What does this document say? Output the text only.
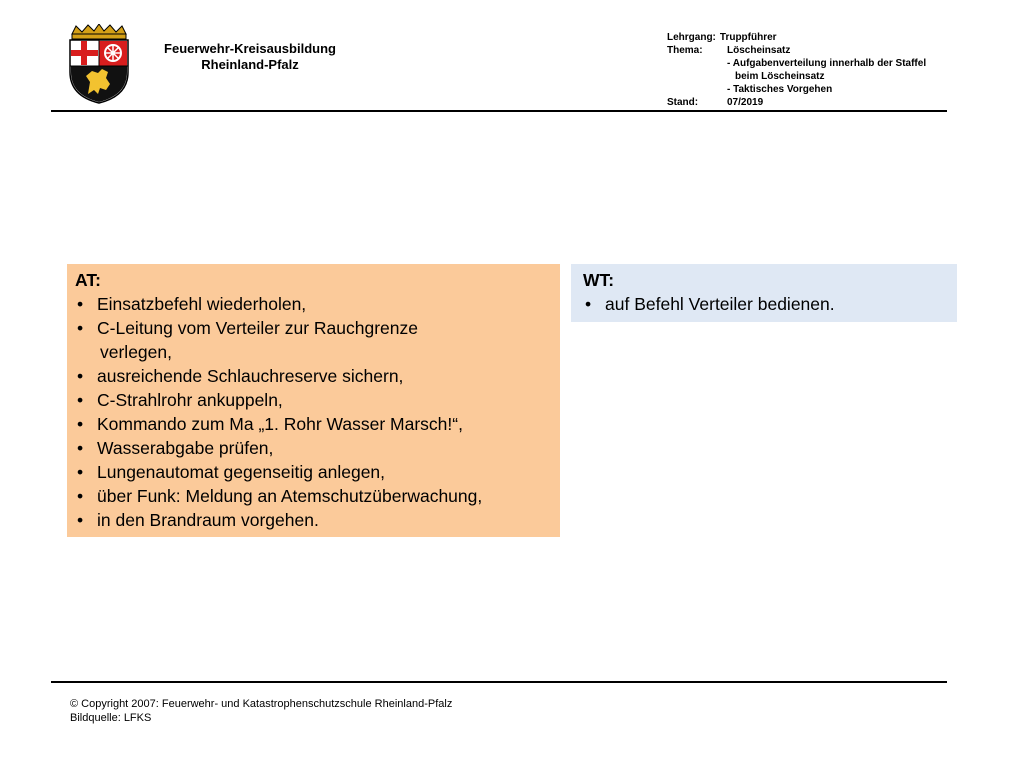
Feuerwehr-Kreisausbildung
Rheinland-Pfalz
Lehrgang: Truppführer
Thema:	Löscheinsatz
- Aufgabenverteilung innerhalb der Staffel
beim Löscheinsatz
- Taktisches Vorgehen
Stand:	07/2019
AT:
• Einsatzbefehl wiederholen,
• C-Leitung vom Verteiler zur Rauchgrenze
verlegen,
• ausreichende Schlauchreserve sichern,
• C-Strahlrohr ankuppeln,
• Kommando zum Ma „1. Rohr Wasser Marsch!“,
• Wasserabgabe prüfen,
• Lungenautomat gegenseitig anlegen,
• über Funk: Meldung an Atemschutzüberwachung,
• in den Brandraum vorgehen.
WT:
• auf Befehl Verteiler bedienen.
© Copyright 2007: Feuerwehr- und Katastrophenschutzschule Rheinland-Pfalz
Bildquelle: LFKS
